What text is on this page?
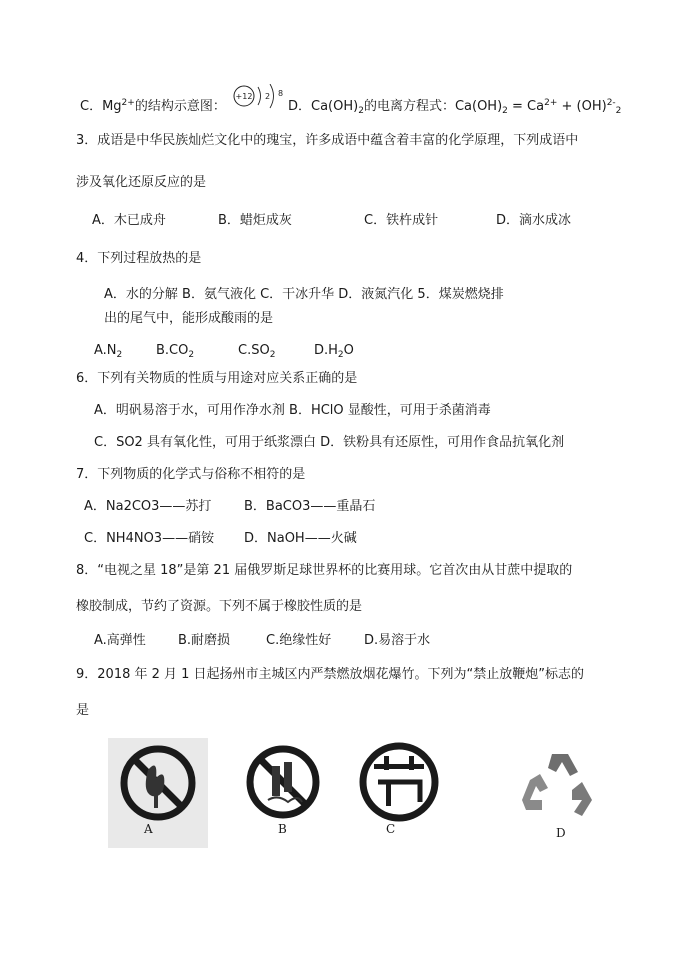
C．$Mg^{2+}$的结构示意图：
+12 2 8
D．$Ca(OH)_2$的电离方程式：$Ca(OH)_2 = Ca^{2+} + (OH)^{2-}_2$
3．成语是中华民族灿烂文化中的瑰宝，许多成语中蕴含着丰富的化学原理，下列成语中
涉及氧化还原反应的是
A．木已成舟	B．蜡炬成灰	C．铁杵成针	D．滴水成冰
4．下列过程放热的是
A．水的分解 B．氨气液化 C．干冰升华 D．液氮汽化 5．煤炭燃烧排
出的尾气中，能形成酸雨的是
$A.N_2$	$B.CO_2$	$C.SO_2$	$D.H_2O$
6．下列有关物质的性质与用途对应关系正确的是
A．明矾易溶于水，可用作净水剂 B．HClO 显酸性，可用于杀菌消毒
C．SO2 具有氧化性，可用于纸浆漂白 D．铁粉具有还原性，可用作食品抗氧化剂
7．下列物质的化学式与俗称不相符的是
A．Na2CO3——苏打	B．BaCO3——重晶石
C．NH4NO3——硝铵 D．NaOH——火碱
8．“电视之星 18”是第 21 届俄罗斯足球世界杯的比赛用球。它首次由从甘蔗中提取的
橡胶制成，节约了资源。下列不属于橡胶性质的是
A.高弹性 B.耐磨损	C.绝缘性好	D.易溶于水
9．2018 年 2 月 1 日起扬州市主城区内严禁燃放烟花爆竹。下列为“禁止放鞭炮”标志的
是
A	B	C	D
